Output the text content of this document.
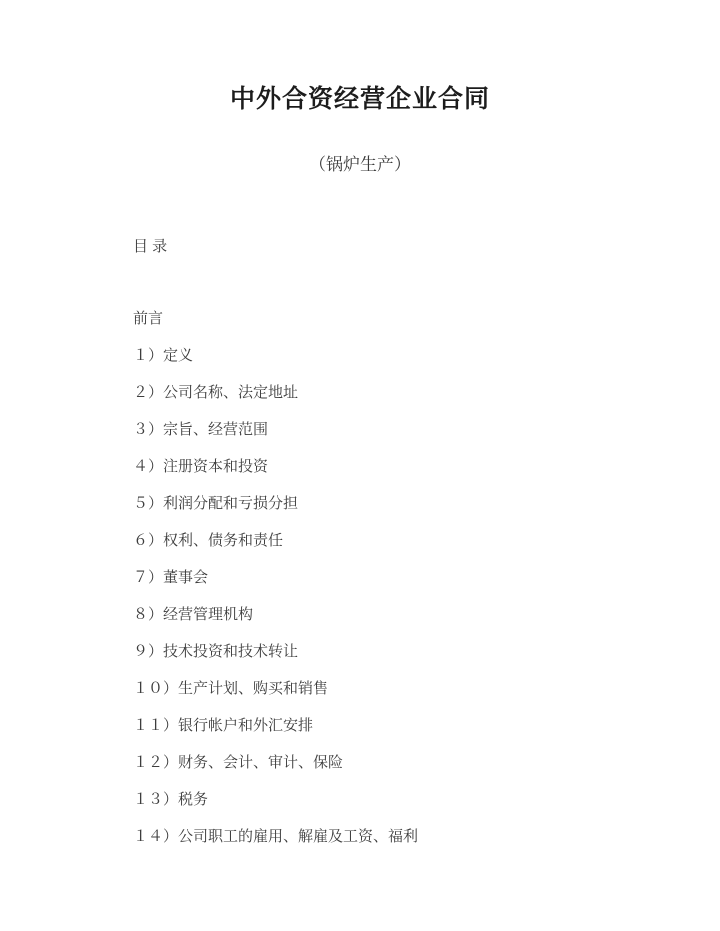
中外合资经营企业合同
（锅炉生产）
目 录
前言
１）定义
２）公司名称、法定地址
３）宗旨、经营范围
４）注册资本和投资
５）利润分配和亏损分担
６）权利、债务和责任
７）董事会
８）经营管理机构
９）技术投资和技术转让
１０）生产计划、购买和销售
１１）银行帐户和外汇安排
１２）财务、会计、审计、保险
１３）税务
１４）公司职工的雇用、解雇及工资、福利
